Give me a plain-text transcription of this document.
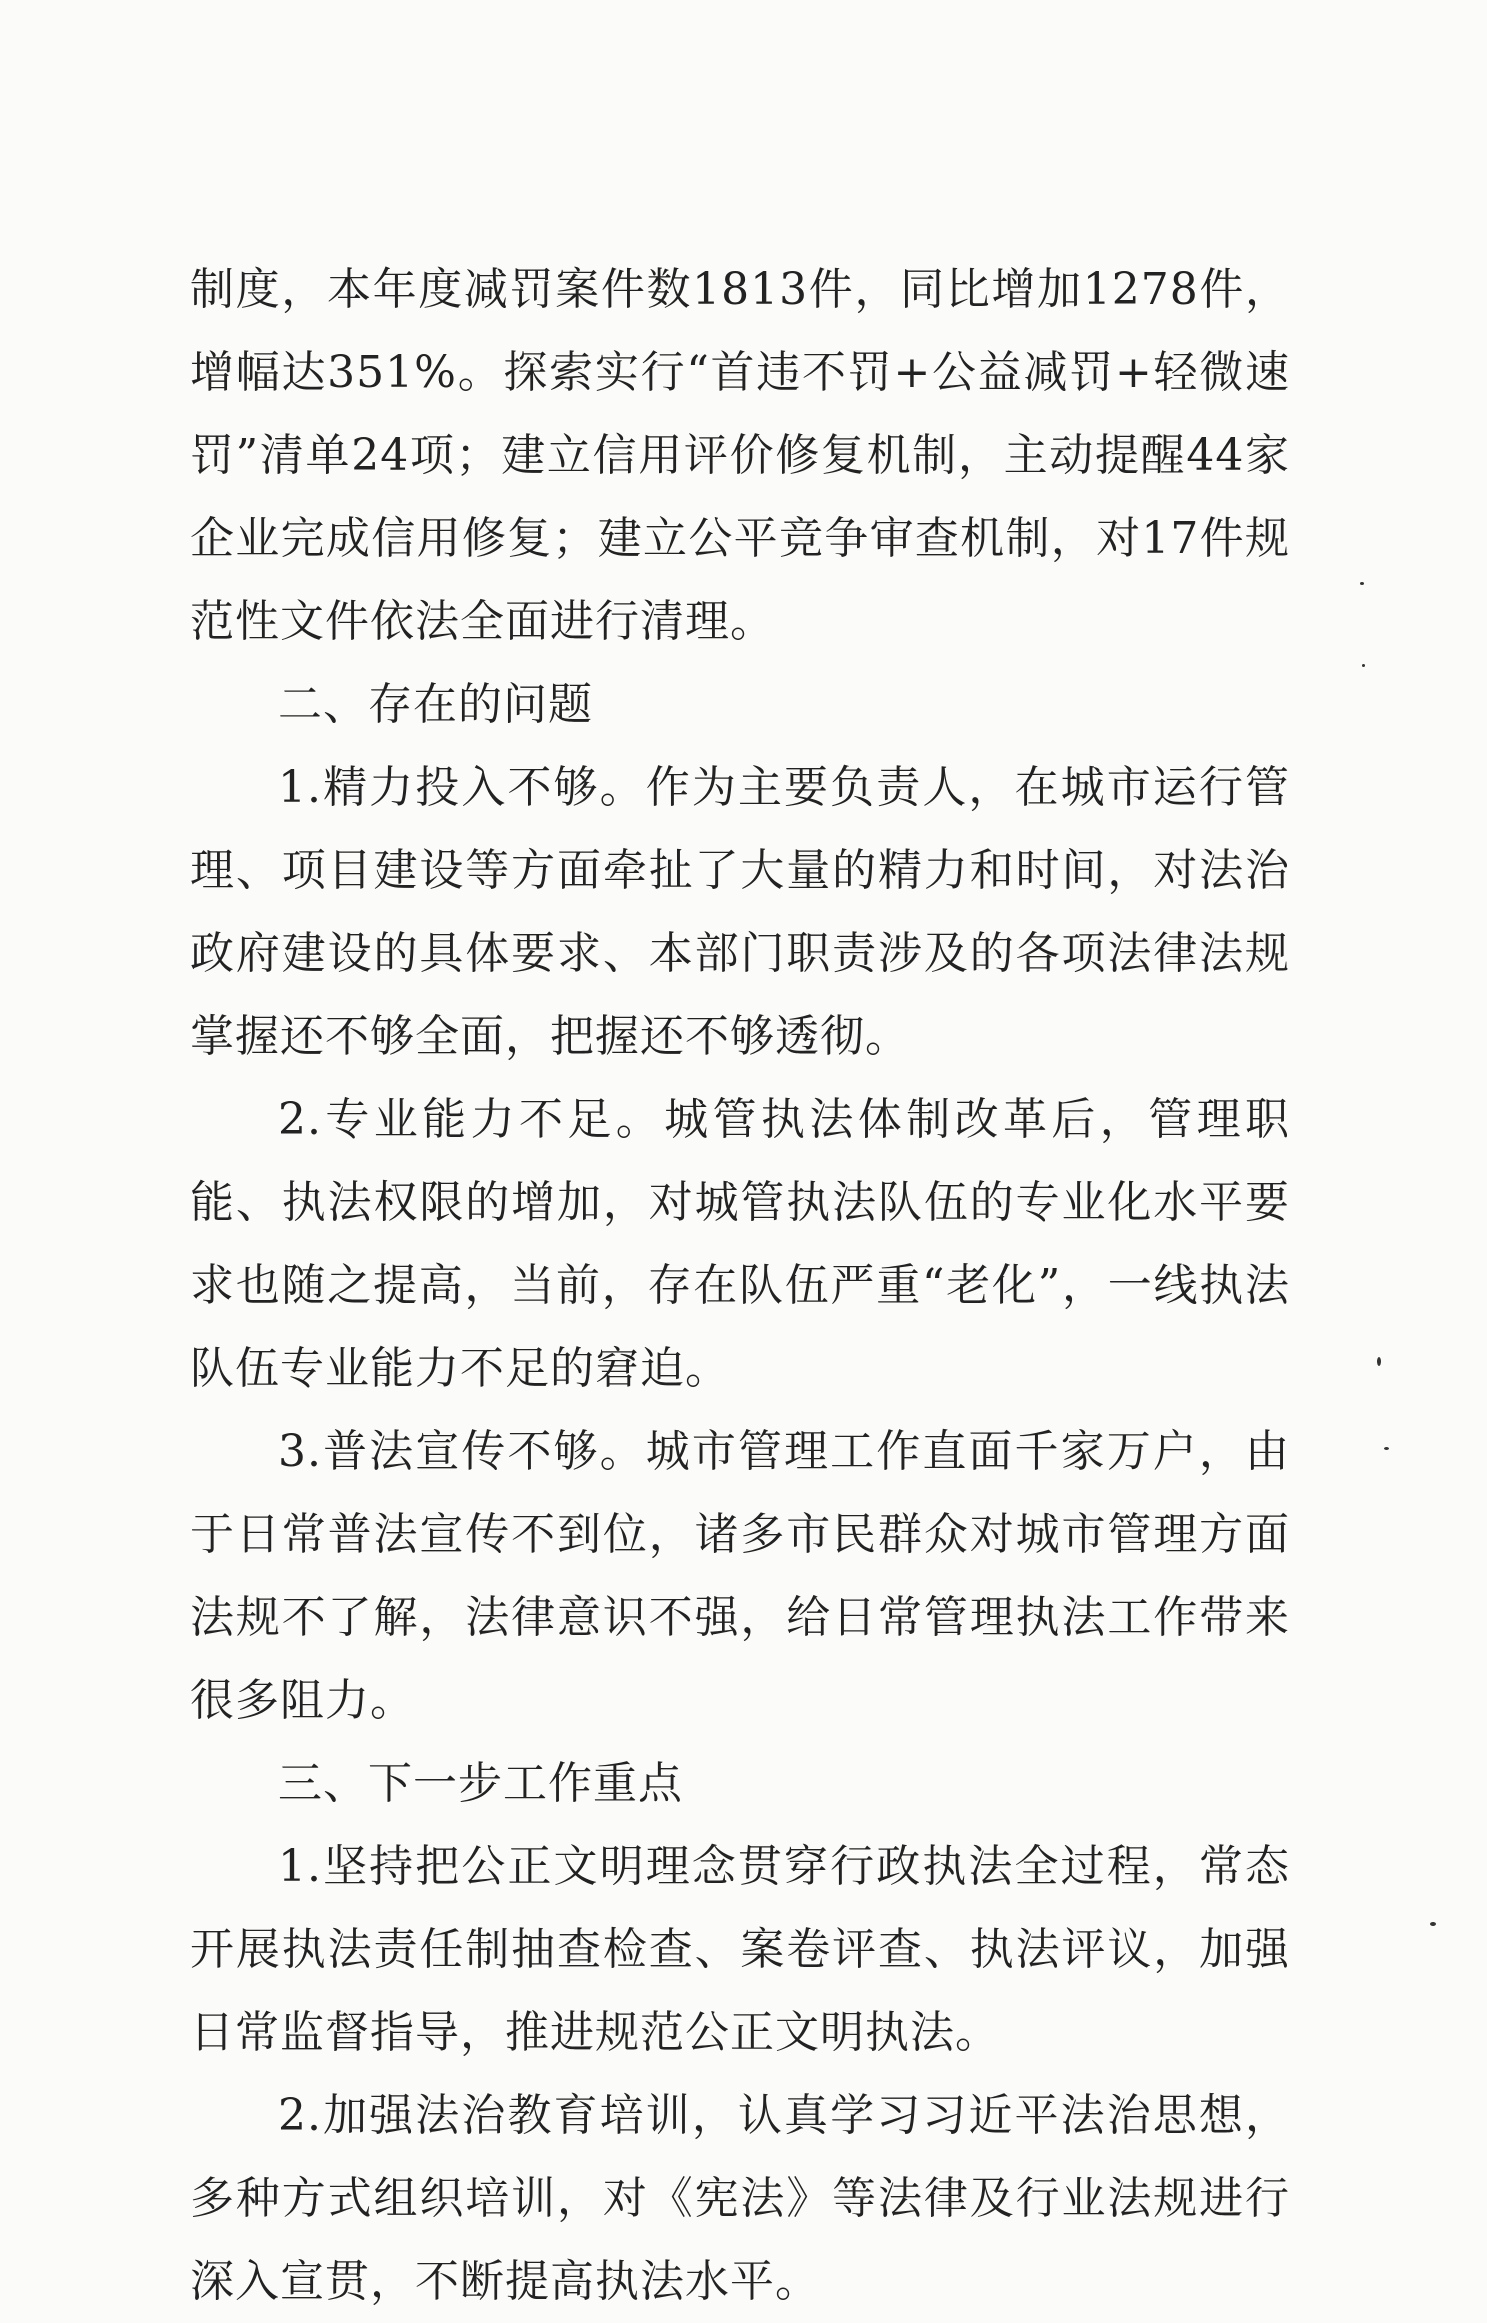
制度，本年度减罚案件数1813件，同比增加1278件，增幅达351%。探索实行“首违不罚+公益减罚+轻微速罚”清单24项；建立信用评价修复机制，主动提醒44家企业完成信用修复；建立公平竞争审查机制，对17件规范性文件依法全面进行清理。

二、存在的问题

1.精力投入不够。作为主要负责人，在城市运行管理、项目建设等方面牵扯了大量的精力和时间，对法治政府建设的具体要求、本部门职责涉及的各项法律法规掌握还不够全面，把握还不够透彻。

2.专业能力不足。城管执法体制改革后，管理职能、执法权限的增加，对城管执法队伍的专业化水平要求也随之提高，当前，存在队伍严重“老化”，一线执法队伍专业能力不足的窘迫。

3.普法宣传不够。城市管理工作直面千家万户，由于日常普法宣传不到位，诸多市民群众对城市管理方面法规不了解，法律意识不强，给日常管理执法工作带来很多阻力。

三、下一步工作重点

1.坚持把公正文明理念贯穿行政执法全过程，常态开展执法责任制抽查检查、案卷评查、执法评议，加强日常监督指导，推进规范公正文明执法。

2.加强法治教育培训，认真学习习近平法治思想，多种方式组织培训，对《宪法》等法律及行业法规进行深入宣贯，不断提高执法水平。
